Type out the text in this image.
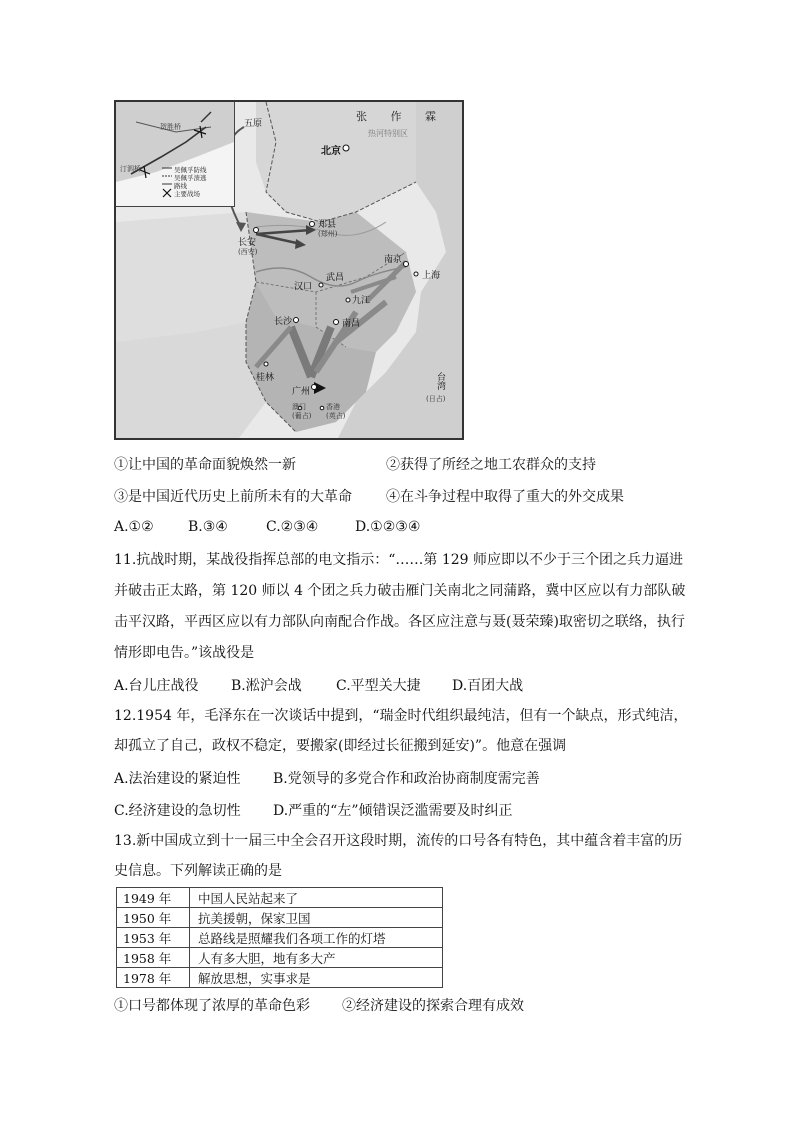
贺胜桥
汀泗桥	吴佩孚防线
吴佩孚溃逃
路线
主要战场
张 作 霖
热河特别区
北京
五原
长安
(西安)
郑县
(郑州)
南京
上海
汉口
武昌
九江
南昌
长沙
桂林
广州
澳门
(葡占)
香港
(英占)
台湾
(日占)
①让中国的革命面貌焕然一新	②获得了所经之地工农群众的支持
③是中国近代历史上前所未有的大革命 ④在斗争过程中取得了重大的外交成果
A.①② B.③④	C.②③④	D.①②③④
11.抗战时期，某战役指挥总部的电文指示：“……第 129 师应即以不少于三个团之兵力逼进
并破击正太路，第 120 师以 4 个团之兵力破击雁门关南北之同蒲路，冀中区应以有力部队破
击平汉路，平西区应以有力部队向南配合作战。各区应注意与聂(聂荣臻)取密切之联络，执行
情形即电告。”该战役是
A.台儿庄战役 B.淞沪会战 C.平型关大捷 D.百团大战
12.1954 年，毛泽东在一次谈话中提到，“瑞金时代组织最纯洁，但有一个缺点，形式纯洁，
却孤立了自己，政权不稳定，要搬家(即经过长征搬到延安)”。他意在强调
A.法治建设的紧迫性 B.党领导的多党合作和政治协商制度需完善
C.经济建设的急切性 D.严重的“左”倾错误泛滥需要及时纠正
13.新中国成立到十一届三中全会召开这段时期，流传的口号各有特色，其中蕴含着丰富的历
史信息。下列解读正确的是
1949 年	中国人民站起来了
1950 年	抗美援朝，保家卫国
1953 年	总路线是照耀我们各项工作的灯塔
1958 年	人有多大胆，地有多大产
1978 年	解放思想，实事求是
①口号都体现了浓厚的革命色彩 ②经济建设的探索合理有成效
